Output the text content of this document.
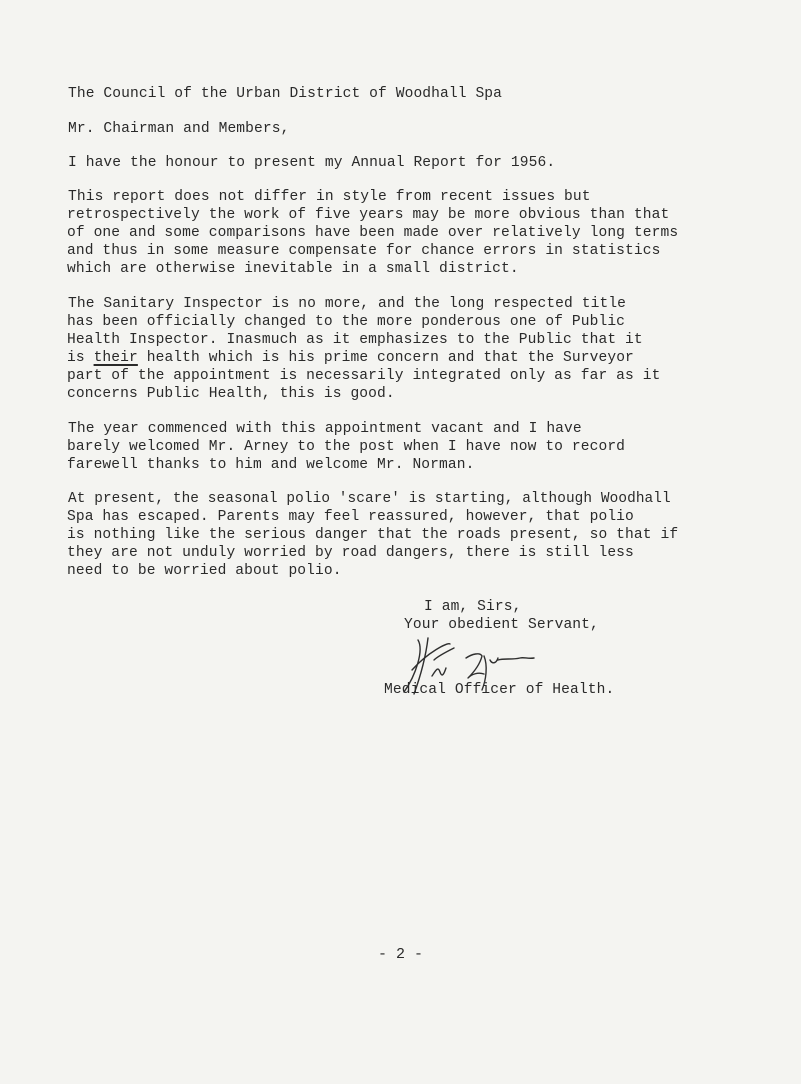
The Council of the Urban District of Woodhall Spa
Mr. Chairman and Members,
I have the honour to present my Annual Report for 1956.
This report does not differ in style from recent issues but
retrospectively the work of five years may be more obvious than that
of one and some comparisons have been made over relatively long terms
and thus in some measure compensate for chance errors in statistics
which are otherwise inevitable in a small district.
The Sanitary Inspector is no more, and the long respected title
has been officially changed to the more ponderous one of Public
Health Inspector. Inasmuch as it emphasizes to the Public that it
is their health which is his prime concern and that the Surveyor
part of the appointment is necessarily integrated only as far as it
concerns Public Health, this is good.
The year commenced with this appointment vacant and I have
barely welcomed Mr. Arney to the post when I have now to record
farewell thanks to him and welcome Mr. Norman.
At present, the seasonal polio 'scare' is starting, although Woodhall
Spa has escaped. Parents may feel reassured, however, that polio
is nothing like the serious danger that the roads present, so that if
they are not unduly worried by road dangers, there is still less
need to be worried about polio.
I am, Sirs,
Your obedient Servant,
Medical Officer of Health.
- 2 -
